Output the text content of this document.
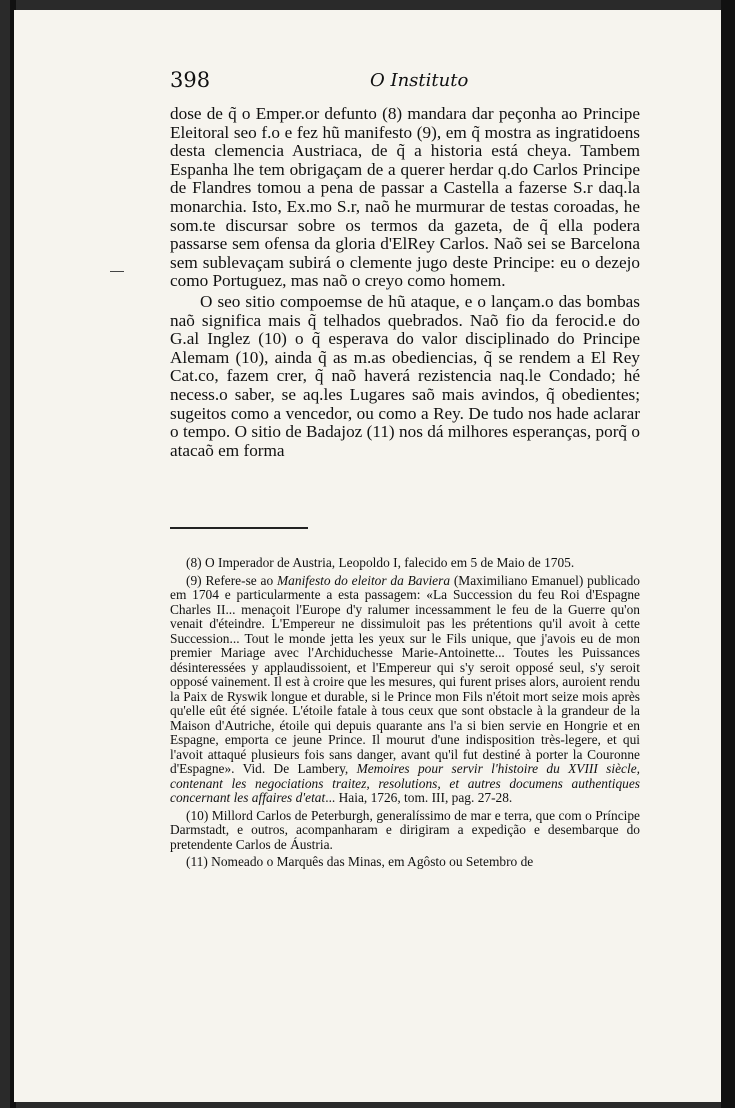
398	O Instituto

dose de q̃ o Emper.or defunto (8) mandara dar peçonha ao Principe Eleitoral seo f.o e fez hũ manifesto (9), em q̃ mostra as ingratidoens desta clemencia Austriaca, de q̃ a historia está cheya. Tambem Espanha lhe tem obrigaçam de a querer herdar q.do Carlos Principe de Flandres tomou a pena de passar a Castella a fazerse S.r daq.la monarchia. Isto, Ex.mo S.r, naõ he murmurar de testas coroadas, he som.te discursar sobre os termos da gazeta, de q̃ ella podera passarse sem ofensa da gloria d'ElRey Carlos. Naõ sei se Barcelona sem sublevaçam subirá o clemente jugo deste Principe: eu o dezejo como Portuguez, mas naõ o creyo como homem.

O seo sitio compoemse de hũ ataque, e o lançam.o das bombas naõ significa mais q̃ telhados quebrados. Naõ fio da ferocid.e do G.al Inglez (10) o q̃ esperava do valor disciplinado do Principe Alemam (10), ainda q̃ as m.as obediencias, q̃ se rendem a El Rey Cat.co, fazem crer, q̃ naõ haverá rezistencia naq.le Condado; hé necess.o saber, se aq.les Lugares saõ mais avindos, q̃ obedientes; sugeitos como a vencedor, ou como a Rey. De tudo nos hade aclarar o tempo. O sitio de Badajoz (11) nos dá milhores esperanças, porq̃ o atacaõ em forma

(8) O Imperador de Austria, Leopoldo I, falecido em 5 de Maio de 1705.

(9) Refere-se ao Manifesto do eleitor da Baviera (Maximiliano Emanuel) publicado em 1704 e particularmente a esta passagem: «La Succession du feu Roi d'Espagne Charles II... menaçoit l'Europe d'y ralumer incessamment le feu de la Guerre qu'on venait d'éteindre. L'Empereur ne dissimuloit pas les prétentions qu'il avoit à cette Succession... Tout le monde jetta les yeux sur le Fils unique, que j'avois eu de mon premier Mariage avec l'Archiduchesse Marie-Antoinette... Toutes les Puissances désinteressées y applaudissoient, et l'Empereur qui s'y seroit opposé seul, s'y seroit opposé vainement. Il est à croire que les mesures, qui furent prises alors, auroient rendu la Paix de Ryswik longue et durable, si le Prince mon Fils n'étoit mort seize mois après qu'elle eût été signée. L'étoile fatale à tous ceux que sont obstacle à la grandeur de la Maison d'Autriche, étoile qui depuis quarante ans l'a si bien servie en Hongrie et en Espagne, emporta ce jeune Prince. Il mourut d'une indisposition très-legere, et qui l'avoit attaqué plusieurs fois sans danger, avant qu'il fut destiné à porter la Couronne d'Espagne». Vid. De Lambery, Memoires pour servir l'histoire du XVIII siècle, contenant les negociations traitez, resolutions, et autres documens authentiques concernant les affaires d'etat... Haia, 1726, tom. III, pag. 27-28.

(10) Millord Carlos de Peterburgh, generalíssimo de mar e terra, que com o Príncipe Darmstadt, e outros, acompanharam e dirigiram a expedição e desembarque do pretendente Carlos de Áustria.

(11) Nomeado o Marquês das Minas, em Agôsto ou Setembro de
